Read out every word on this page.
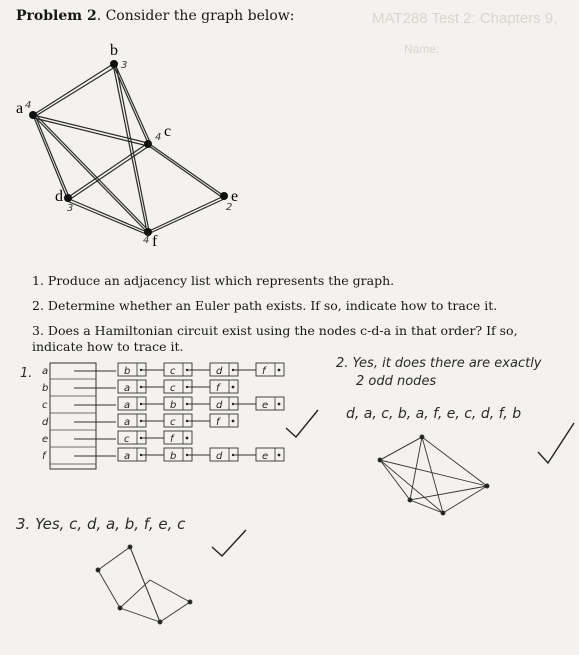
MAT288 Test 2: Chapters 9,
Name:
Problem 2. Consider the graph below:
a 4
b
3
c
4
d
3
e
2
f
4
a	b	c	d	f
b	a	c	f
c	a	b	d	e
d	a	c	f
e	c	f
f	a	b	d	e
1. Produce an adjacency list which represents the graph.
2. Determine whether an Euler path exists. If so, indicate how to trace it.
3. Does a Hamiltonian circuit exist using the nodes c-d-a in that order? If so, indicate how to trace it.
1.
2. Yes, it does there are exactly
2 odd nodes
d, a, c, b, a, f, e, c, d, f, b
3. Yes, c, d, a, b, f, e, c
